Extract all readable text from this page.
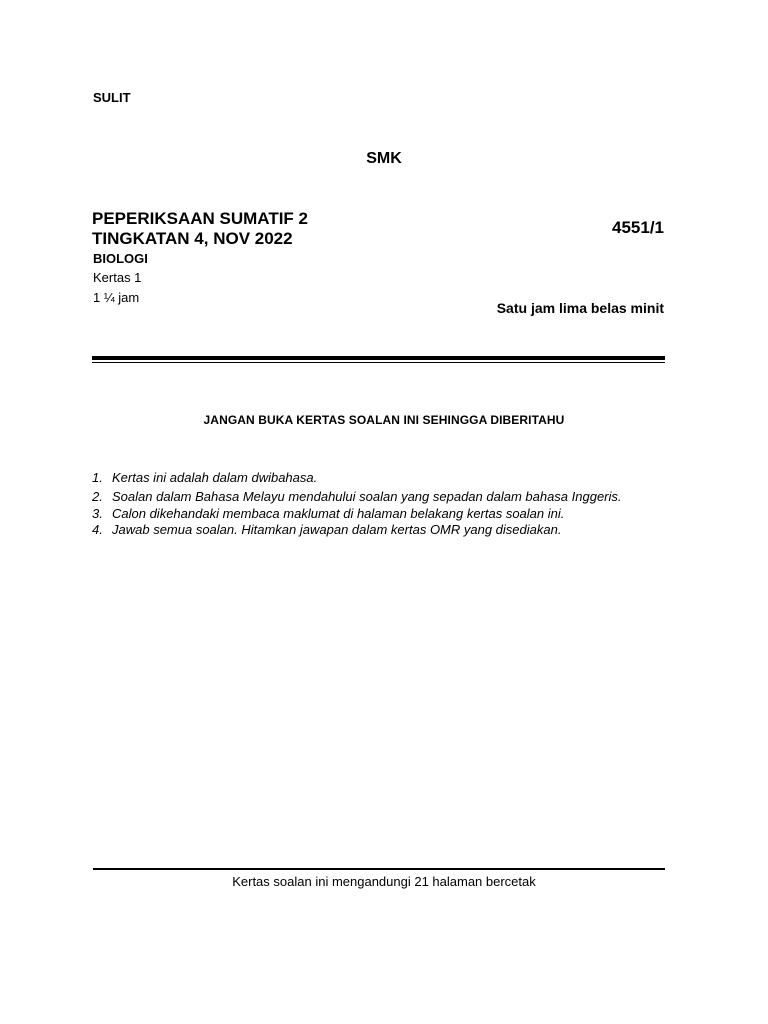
SULIT
SMK
PEPERIKSAAN SUMATIF 2
TINGKATAN 4, NOV 2022
4551/1
BIOLOGI
Kertas 1
1 ¼ jam
Satu jam lima belas minit
JANGAN BUKA KERTAS SOALAN INI SEHINGGA DIBERITAHU
1. Kertas ini adalah dalam dwibahasa.
2. Soalan dalam Bahasa Melayu mendahului soalan yang sepadan dalam bahasa Inggeris.
3. Calon dikehandaki membaca maklumat di halaman belakang kertas soalan ini.
4. Jawab semua soalan. Hitamkan jawapan dalam kertas OMR yang disediakan.
Kertas soalan ini mengandungi 21 halaman bercetak
